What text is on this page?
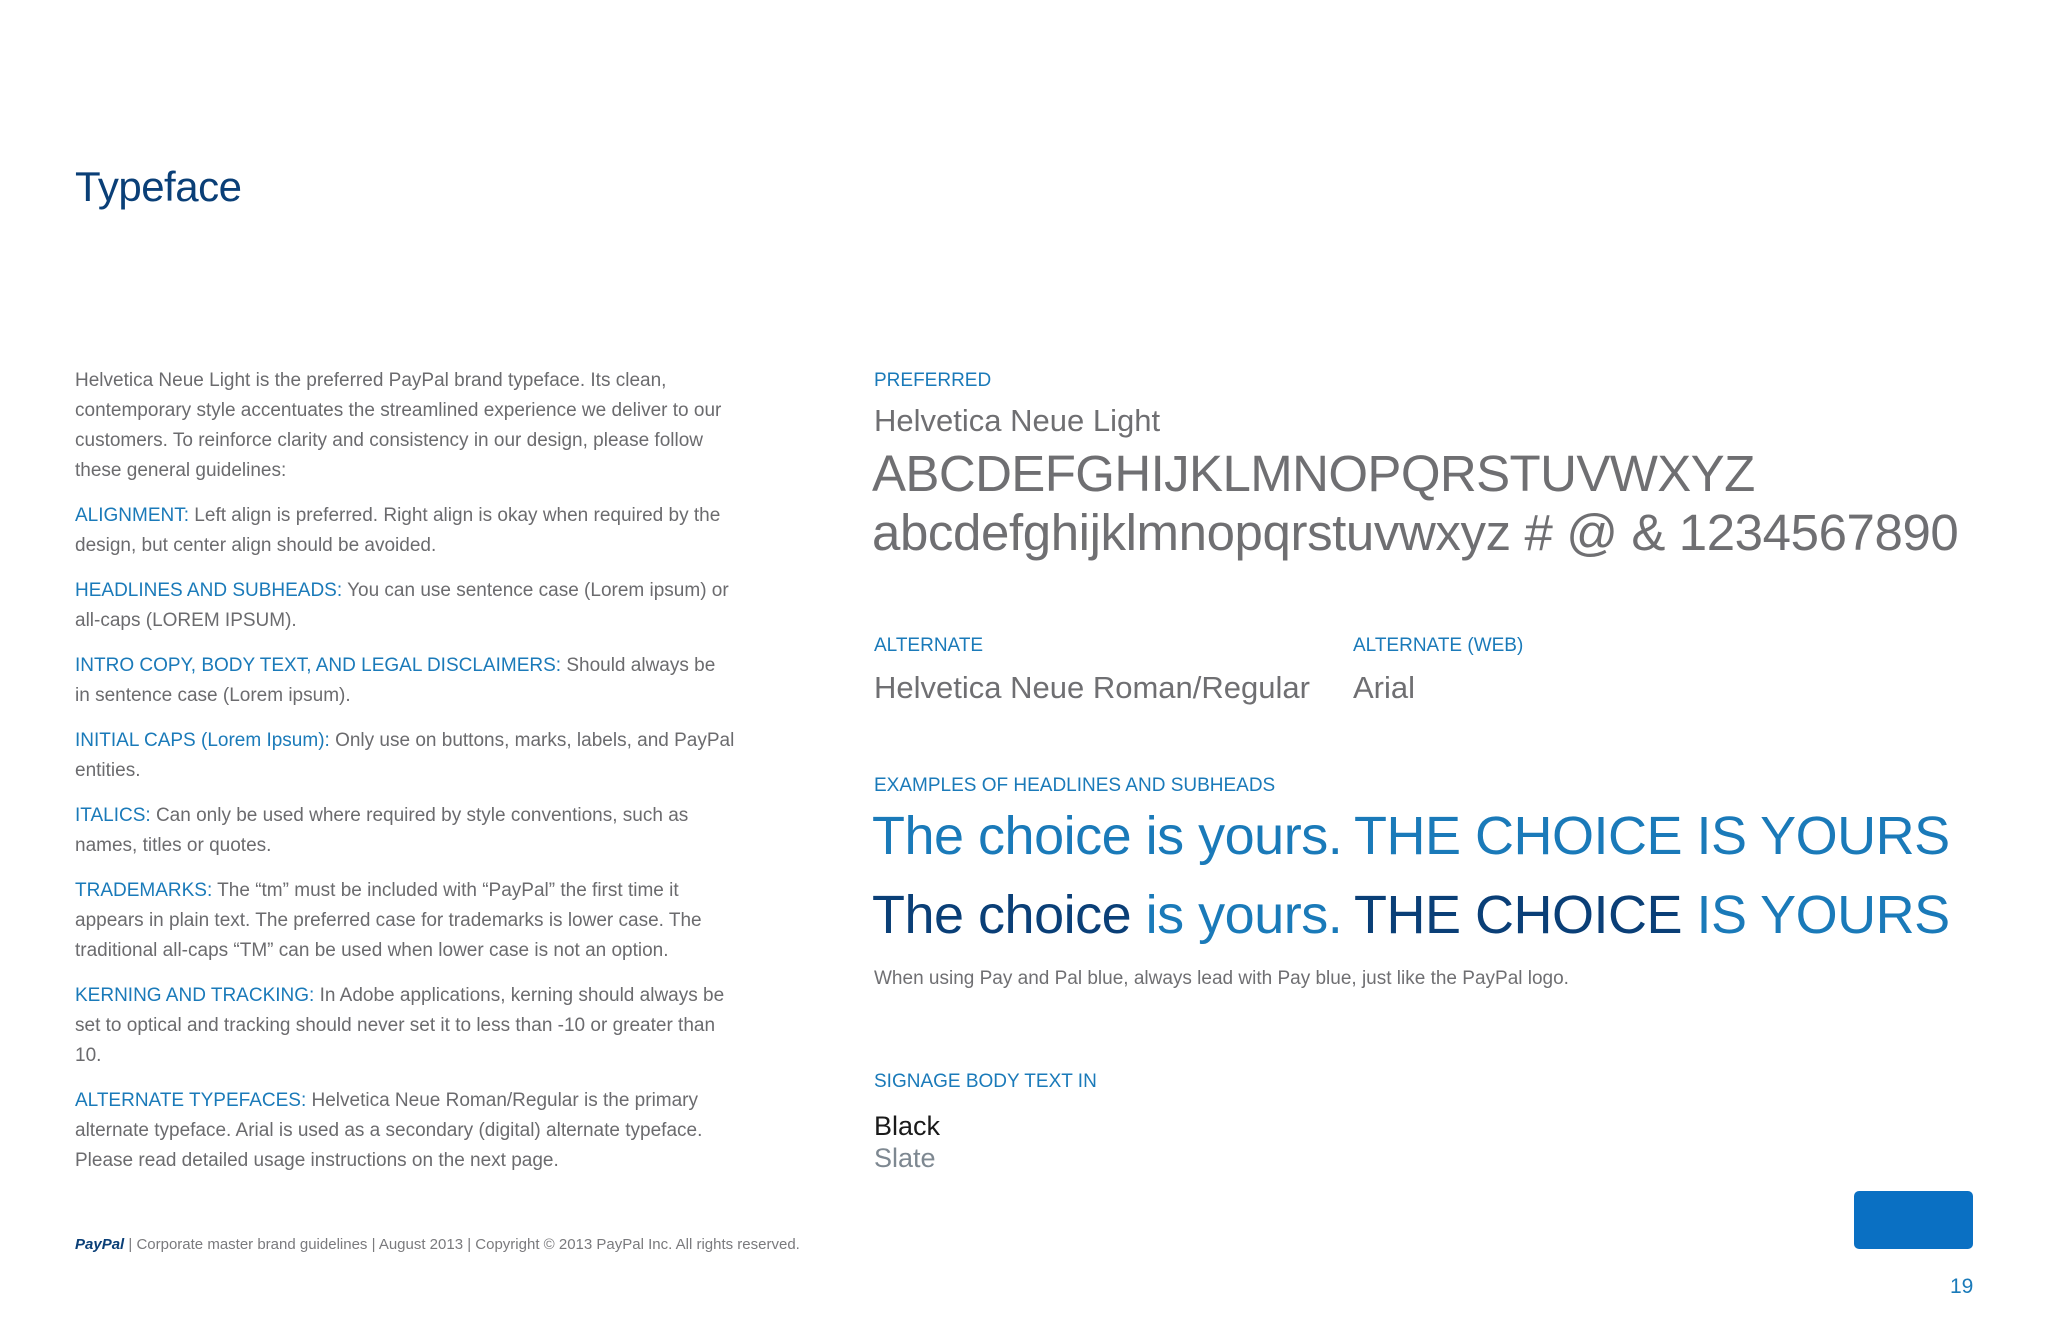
Typeface

Helvetica Neue Light is the preferred PayPal brand typeface. Its clean, contemporary style accentuates the streamlined experience we deliver to our customers. To reinforce clarity and consistency in our design, please follow these general guidelines:

ALIGNMENT: Left align is preferred. Right align is okay when required by the design, but center align should be avoided.

HEADLINES AND SUBHEADS: You can use sentence case (Lorem ipsum) or all-caps (LOREM IPSUM).

INTRO COPY, BODY TEXT, AND LEGAL DISCLAIMERS: Should always be in sentence case (Lorem ipsum).

INITIAL CAPS (Lorem Ipsum): Only use on buttons, marks, labels, and PayPal entities.

ITALICS: Can only be used where required by style conventions, such as names, titles or quotes.

TRADEMARKS: The “tm” must be included with “PayPal” the first time it appears in plain text. The preferred case for trademarks is lower case. The traditional all-caps “TM” can be used when lower case is not an option.

KERNING AND TRACKING: In Adobe applications, kerning should always be set to optical and tracking should never set it to less than -10 or greater than 10.

ALTERNATE TYPEFACES: Helvetica Neue Roman/Regular is the primary alternate typeface. Arial is used as a secondary (digital) alternate typeface. Please read detailed usage instructions on the next page.

PREFERRED
Helvetica Neue Light
ABCDEFGHIJKLMNOPQRSTUVWXYZ
abcdefghijklmnopqrstuvwxyz # @ & 1234567890
ALTERNATE	ALTERNATE (WEB)
Helvetica Neue Roman/Regular Arial
EXAMPLES OF HEADLINES AND SUBHEADS
The choice is yours. THE CHOICE IS YOURS
The choice is yours. THE CHOICE IS YOURS
When using Pay and Pal blue, always lead with Pay blue, just like the PayPal logo.
SIGNAGE BODY TEXT IN
Black
Slate
PayPal | Corporate master brand guidelines | August 2013 | Copyright © 2013 PayPal Inc. All rights reserved.
19
